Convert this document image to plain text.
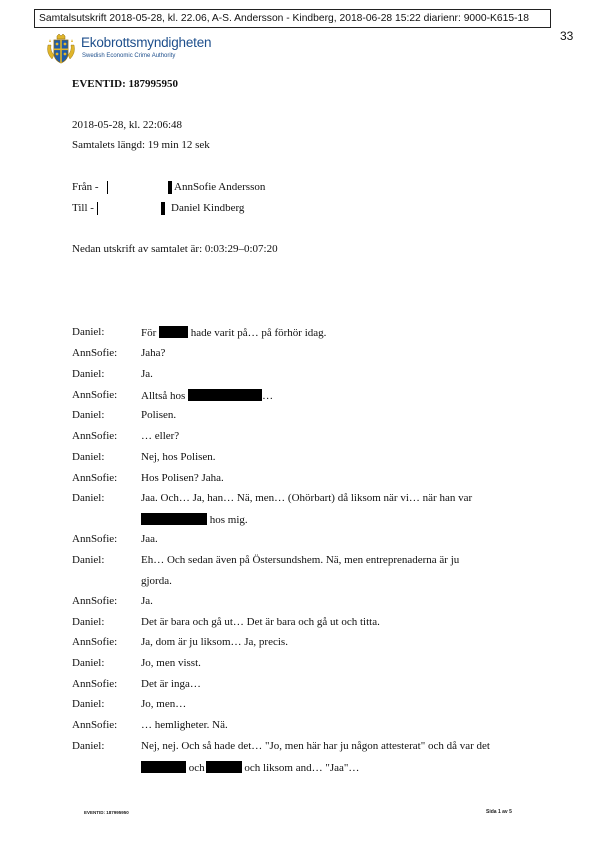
Samtalsutskrift 2018-05-28, kl. 22.06, A-S. Andersson - Kindberg, 2018-06-28 15:22 diarienr: 9000-K615-18
33
Ekobrottsmyndigheten
Swedish Economic Crime Authority
EVENTID: 187995950
2018-05-28, kl. 22:06:48
Samtalets längd: 19 min 12 sek
Från -	AnnSofie Andersson
Till -	Daniel Kindberg
Nedan utskrift av samtalet är: 0:03:29–0:07:20
Daniel:	För	hade varit på… på förhör idag.
AnnSofie: Jaha?
Daniel:	Ja.
AnnSofie: Alltså hos	…
Daniel:	Polisen.
AnnSofie: … eller?
Daniel:	Nej, hos Polisen.
AnnSofie: Hos Polisen? Jaha.
Daniel:	Jaa. Och… Ja, han… Nä, men… (Ohörbart) då liksom när vi… när han var
hos mig.
AnnSofie: Jaa.
Daniel:	Eh… Och sedan även på Östersundshem. Nä, men entreprenaderna är ju
gjorda.
AnnSofie: Ja.
Daniel:	Det är bara och gå ut… Det är bara och gå ut och titta.
AnnSofie: Ja, dom är ju liksom… Ja, precis.
Daniel:	Jo, men visst.
AnnSofie: Det är inga…
Daniel:	Jo, men…
AnnSofie: … hemligheter. Nä.
Daniel:	Nej, nej. Och så hade det… "Jo, men här har ju någon attesterat" och då var det
och	och liksom and… "Jaa"…
EVENTID: 187995950	Sida 1 av 5
